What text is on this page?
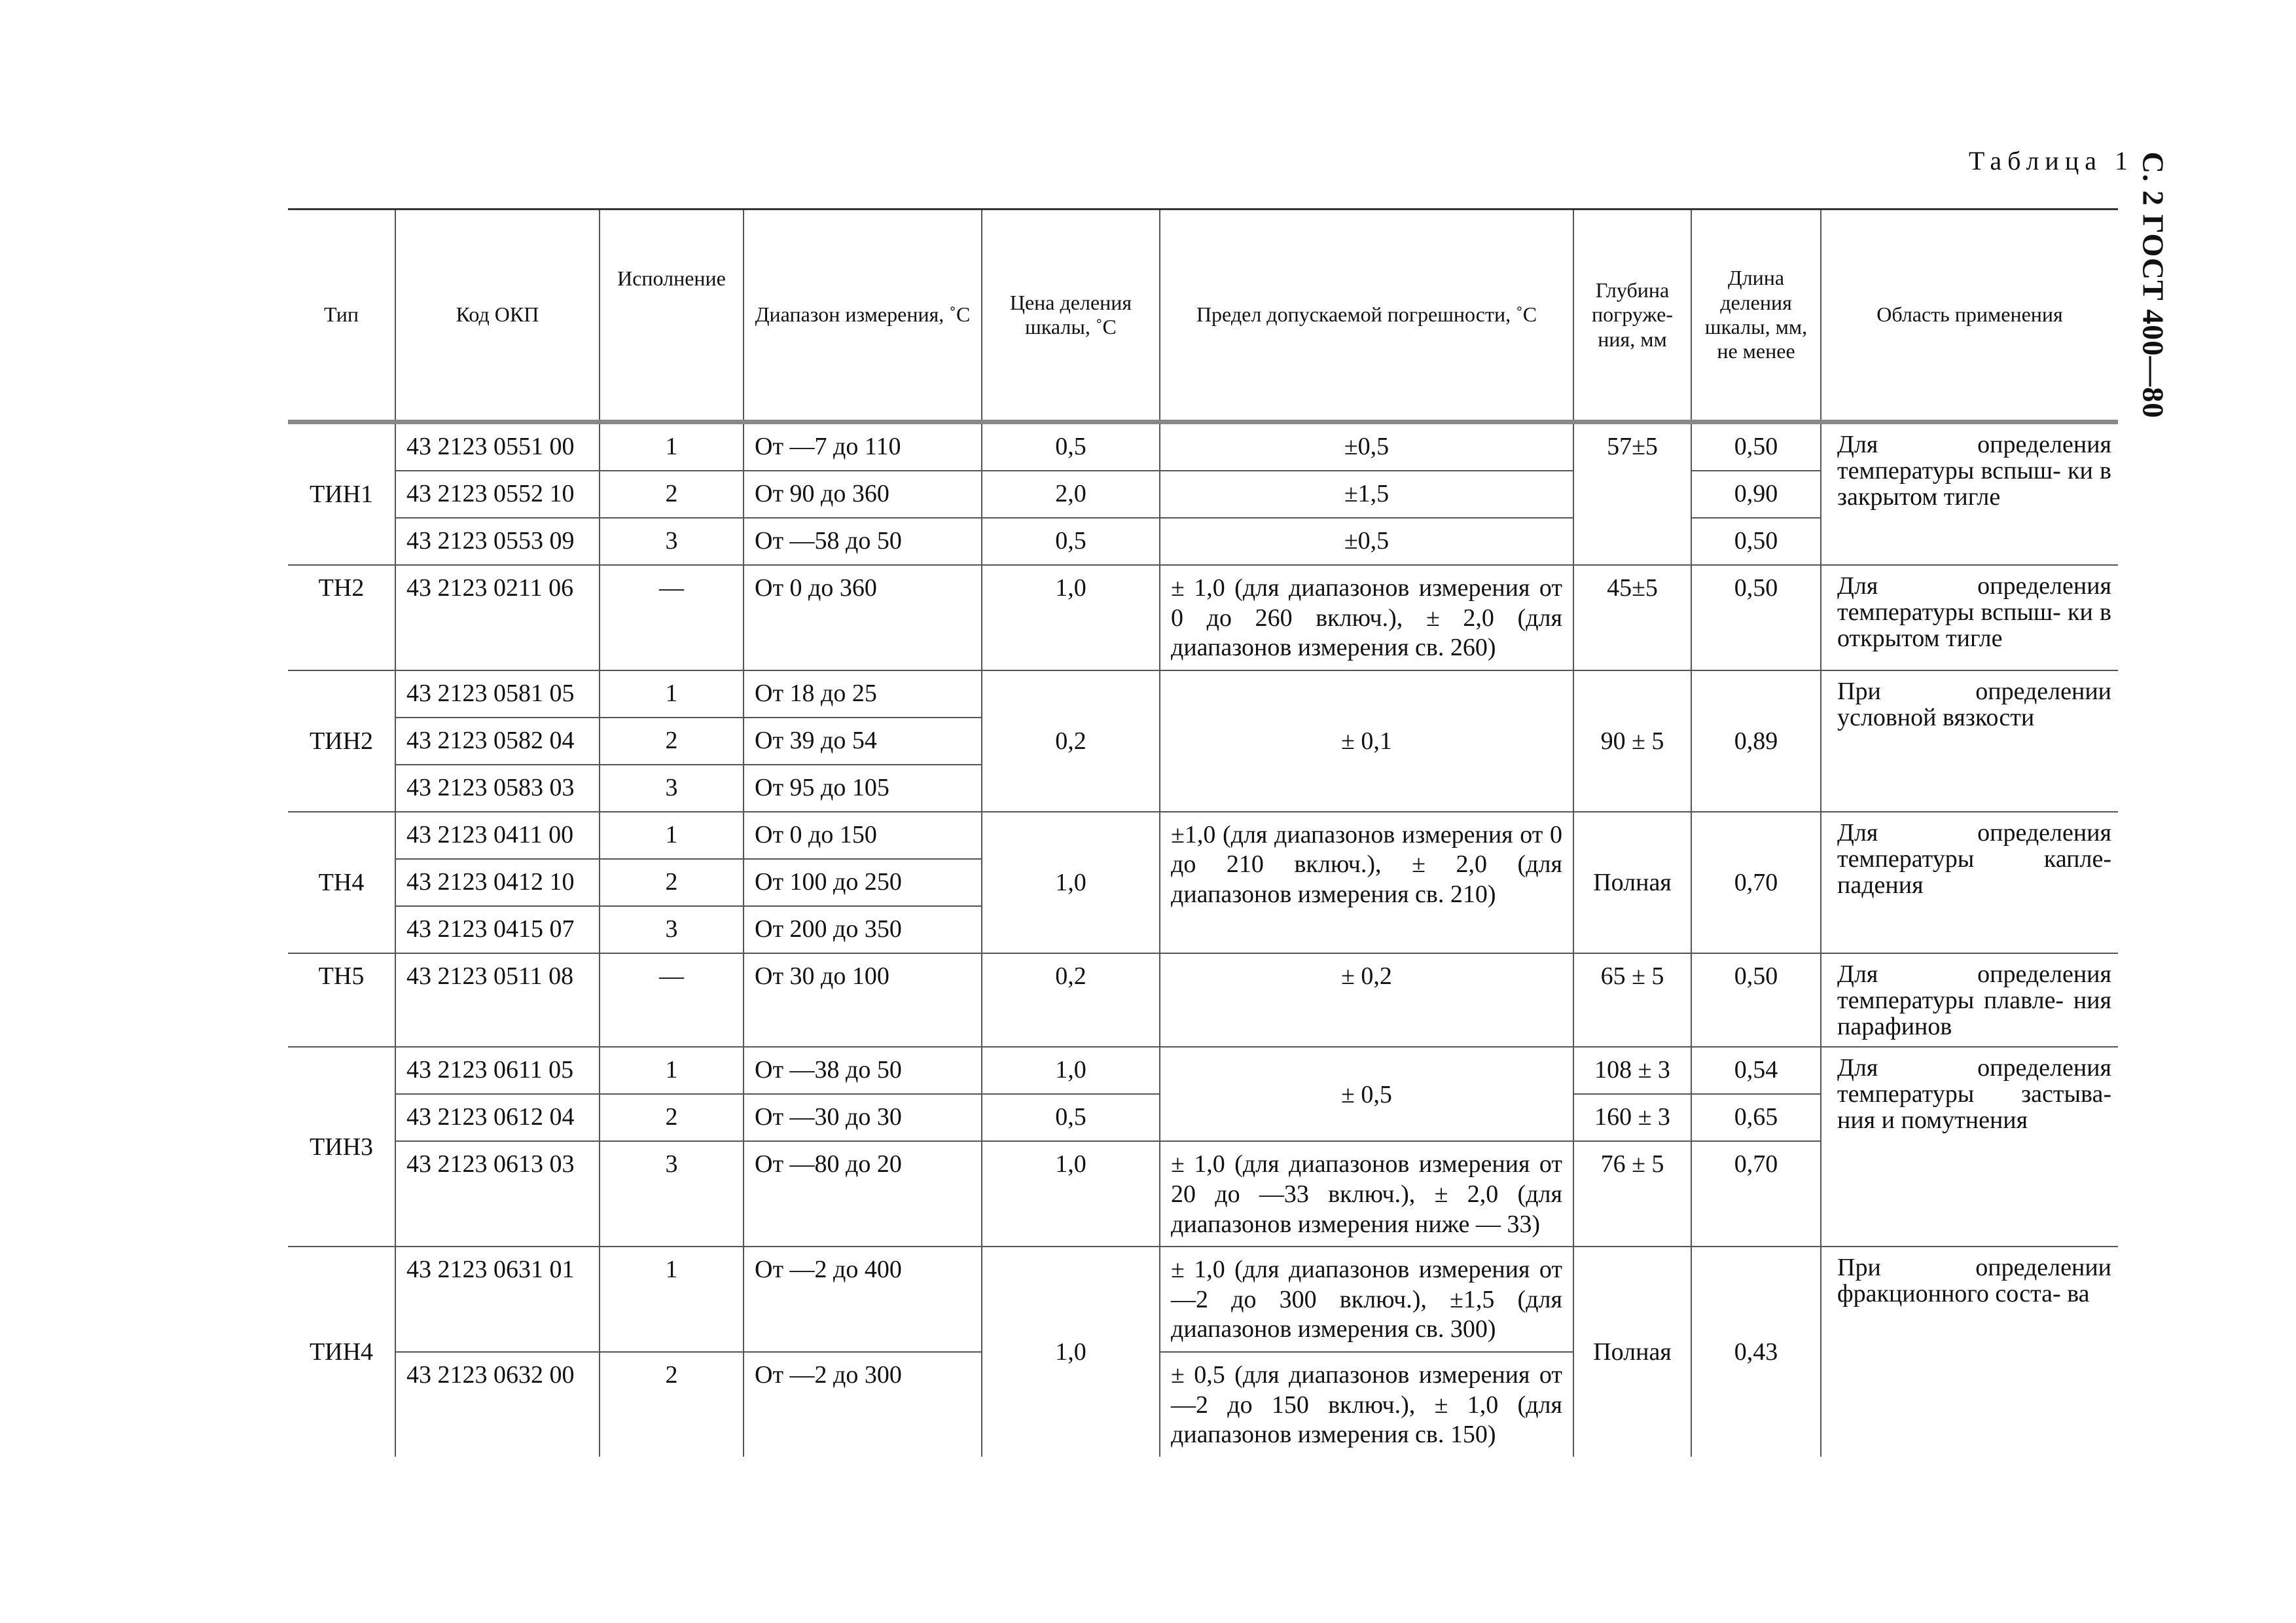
С. 2 ГОСТ 400—80
Таблица 1
Тип	Код ОКП	Исполнение	Диапазон измерения, ˚С	Цена деления шкалы, ˚С	Предел допускаемой погрешности, ˚С	Глубина погруже- ния, мм	Длина деления шкалы, мм, не менее	Область применения
ТИН1	43 2123 0551 00	1	От —7 до 110	0,5	±0,5	57±5	0,50	Для определения температуры вспыш- ки в закрытом тигле
	43 2123 0552 10	2	От 90 до 360	2,0	±1,5		0,90	
	43 2123 0553 09	3	От —58 до 50	0,5	±0,5		0,50	
ТН2	43 2123 0211 06	—	От 0 до 360	1,0	± 1,0 (для диапазонов измерения от 0 до 260 включ.), ± 2,0 (для диапазонов измерения св. 260)	45±5	0,50	Для определения температуры вспыш- ки в открытом тигле
ТИН2	43 2123 0581 05	1	От 18 до 25	0,2	± 0,1	90 ± 5	0,89	При определении условной вязкости
	43 2123 0582 04	2	От 39 до 54					
	43 2123 0583 03	3	От 95 до 105					
ТН4	43 2123 0411 00	1	От 0 до 150	1,0	±1,0 (для диапазонов измерения от 0 до 210 включ.), ± 2,0 (для диапазонов измерения св. 210)	Полная	0,70	Для определения температуры капле- падения
	43 2123 0412 10	2	От 100 до 250					
	43 2123 0415 07	3	От 200 до 350					
ТН5	43 2123 0511 08	—	От 30 до 100	0,2	± 0,2	65 ± 5	0,50	Для определения температуры плавле- ния парафинов
ТИН3	43 2123 0611 05	1	От —38 до 50	1,0	± 0,5	108 ± 3	0,54	Для определения температуры застыва- ния и помутнения
	43 2123 0612 04	2	От —30 до 30	0,5		160 ± 3	0,65	
	43 2123 0613 03	3	От —80 до 20	1,0	± 1,0 (для диапазонов измерения от 20 до —33 включ.), ± 2,0 (для диапазонов измерения ниже — 33)	76 ± 5	0,70	
ТИН4	43 2123 0631 01	1	От —2 до 400	1,0	± 1,0 (для диапазонов измерения от —2 до 300 включ.), ±1,5 (для диапазонов измерения св. 300)	Полная	0,43	При определении фракционного соста- ва
	43 2123 0632 00	2	От —2 до 300		± 0,5 (для диапазонов измерения от —2 до 150 включ.), ± 1,0 (для диапазонов измерения св. 150)			
